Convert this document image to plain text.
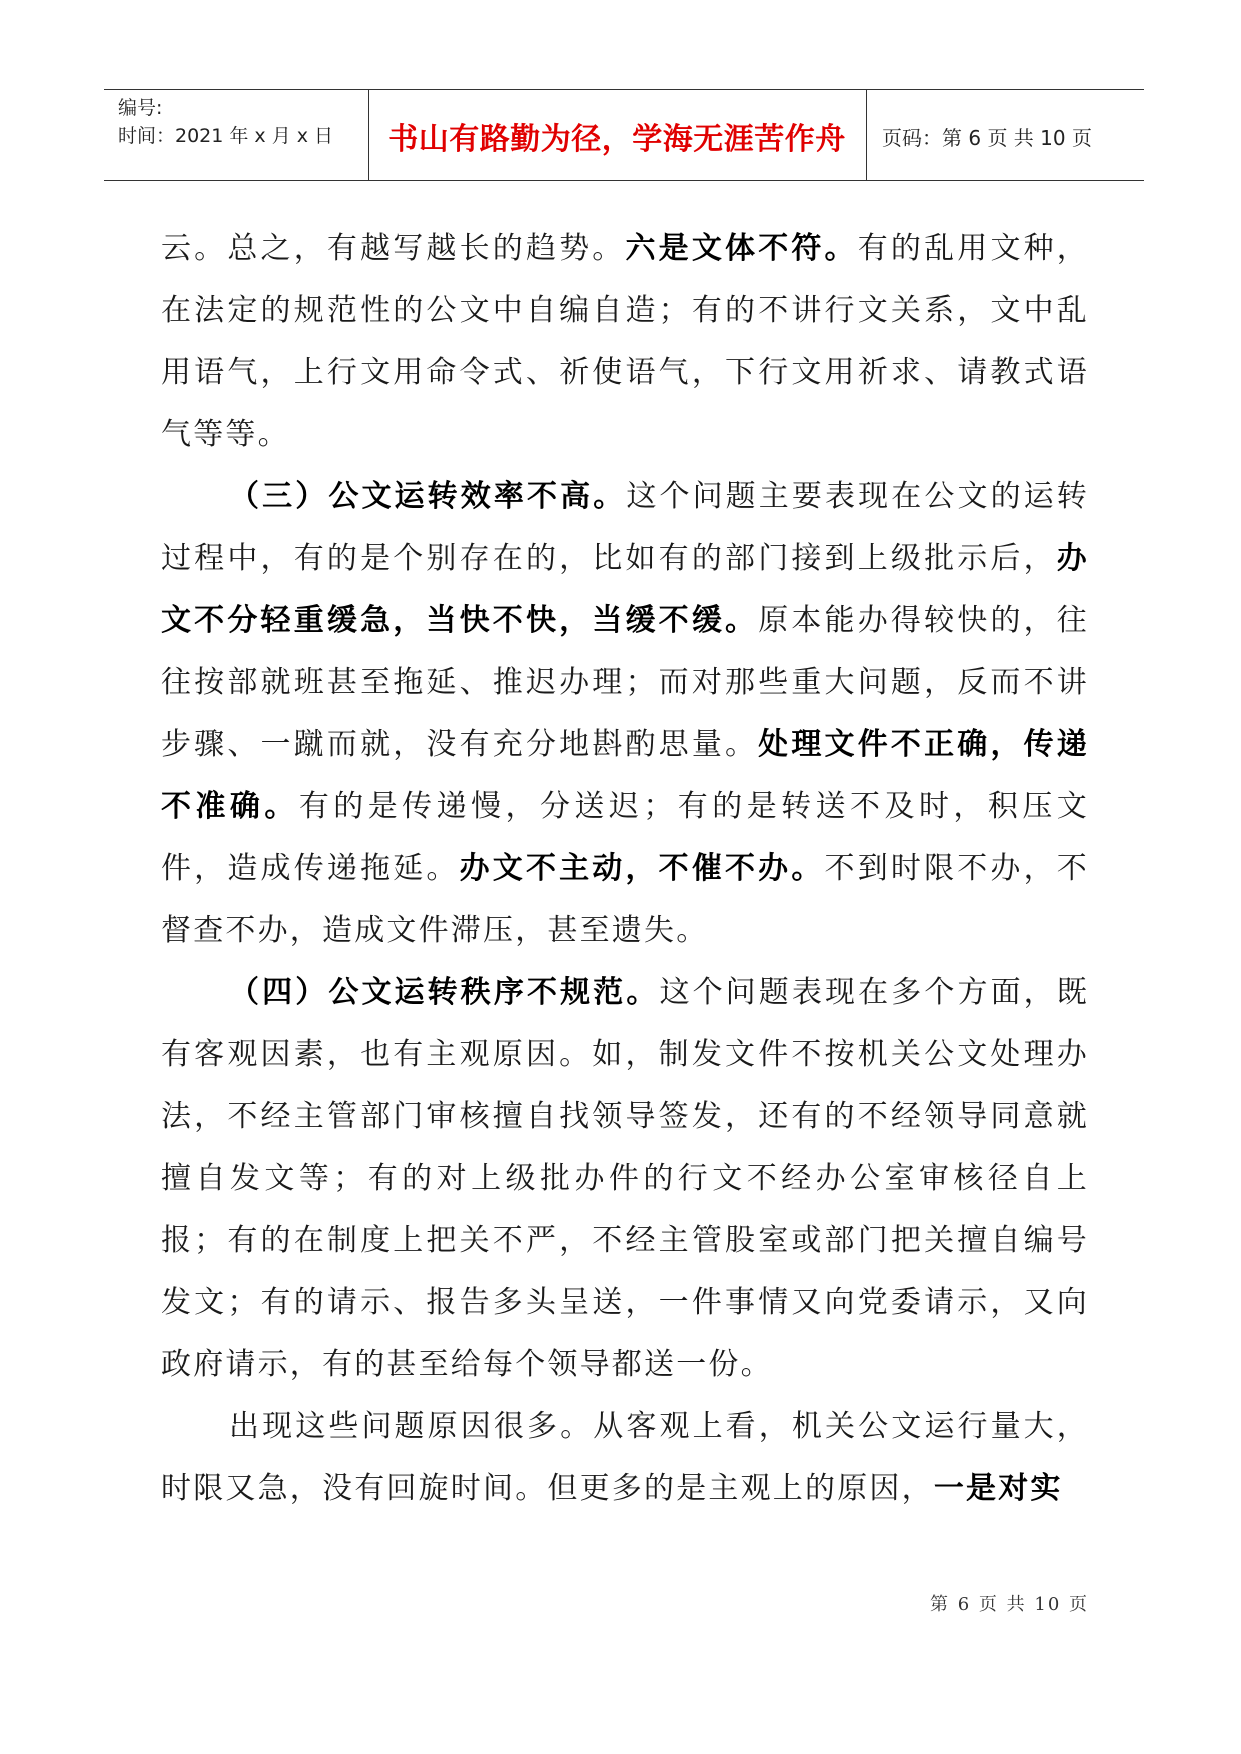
编号:
时间：2021 年 x 月 x 日	书山有路勤为径，学海无涯苦作舟	页码：第 6 页 共 10 页

云。总之，有越写越长的趋势。六是文体不符。有的乱用文种，在法定的规范性的公文中自编自造；有的不讲行文关系，文中乱用语气，上行文用命令式、祈使语气，下行文用祈求、请教式语气等等。

（三）公文运转效率不高。这个问题主要表现在公文的运转过程中，有的是个别存在的，比如有的部门接到上级批示后，办文不分轻重缓急，当快不快，当缓不缓。原本能办得较快的，往往按部就班甚至拖延、推迟办理；而对那些重大问题，反而不讲步骤、一蹴而就，没有充分地斟酌思量。处理文件不正确，传递不准确。有的是传递慢，分送迟；有的是转送不及时，积压文件，造成传递拖延。办文不主动，不催不办。不到时限不办，不督查不办，造成文件滞压，甚至遗失。

（四）公文运转秩序不规范。这个问题表现在多个方面，既有客观因素，也有主观原因。如，制发文件不按机关公文处理办法，不经主管部门审核擅自找领导签发，还有的不经领导同意就擅自发文等；有的对上级批办件的行文不经办公室审核径自上报；有的在制度上把关不严，不经主管股室或部门把关擅自编号发文；有的请示、报告多头呈送，一件事情又向党委请示，又向政府请示，有的甚至给每个领导都送一份。

出现这些问题原因很多。从客观上看，机关公文运行量大，时限又急，没有回旋时间。但更多的是主观上的原因，一是对实

第 6 页 共 10 页
